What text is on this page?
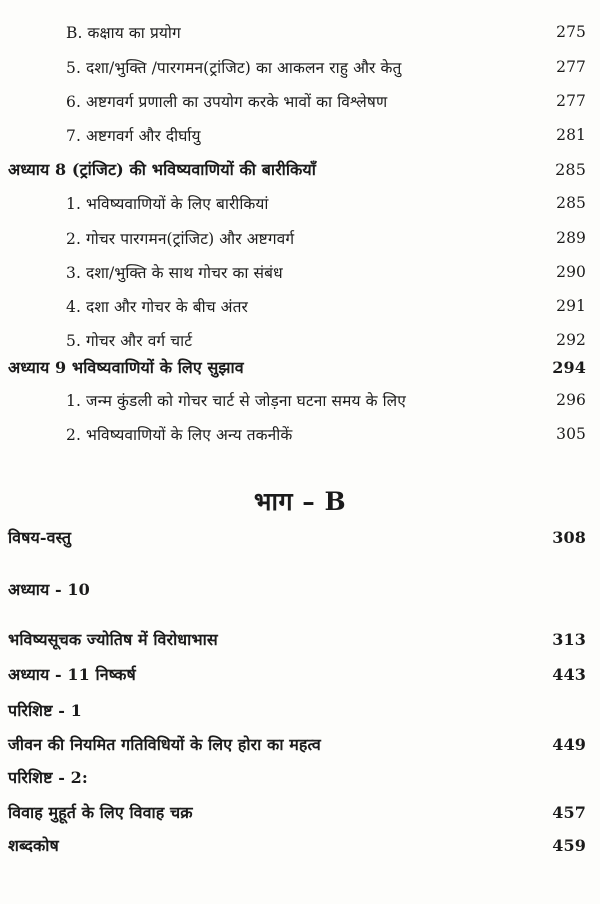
B. कक्षाय का प्रयोग	275
5. दशा/भुक्ति /पारगमन(ट्रांजिट) का आकलन राहु और केतु	277
6. अष्टगवर्ग प्रणाली का उपयोग करके भावों का विश्लेषण	277
7. अष्टगवर्ग और दीर्घायु	281
अध्याय 8 (ट्रांजिट) की भविष्यवाणियों की बारीकियाँ	285
1. भविष्यवाणियों के लिए बारीकियां	285
2. गोचर पारगमन(ट्रांजिट) और अष्टगवर्ग	289
3. दशा/भुक्ति के साथ गोचर का संबंध	290
4. दशा और गोचर के बीच अंतर	291
5. गोचर और वर्ग चार्ट	292
अध्याय 9 भविष्यवाणियों के लिए सुझाव	294
1. जन्म कुंडली को गोचर चार्ट से जोड़ना घटना समय के लिए	296
2. भविष्यवाणियों के लिए अन्य तकनीकें	305
भाग – B
विषय-वस्तु	308
अध्याय - 10
भविष्यसूचक ज्योतिष में विरोधाभास	313
अध्याय - 11 निष्कर्ष	443
परिशिष्ट - 1
जीवन की नियमित गतिविधियों के लिए होरा का महत्व	449
परिशिष्ट - 2:
विवाह मुहूर्त के लिए विवाह चक्र	457
शब्दकोष	459
